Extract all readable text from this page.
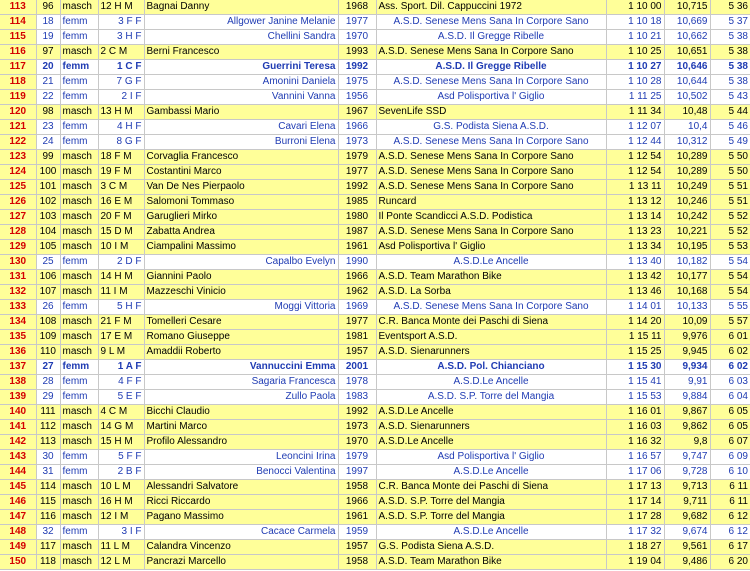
113	96	masch	12 H M	Bagnai Danny	1968	Ass. Sport. Dil. Cappuccini 1972	1 10 00	10,715	5 36
114	18	femm	3 F F	Allgower Janine Melanie	1977	A.S.D. Senese Mens Sana In Corpore Sano	1 10 18	10,669	5 37
115	19	femm	3 H F	Chellini Sandra	1970	A.S.D. Il Gregge Ribelle	1 10 21	10,662	5 38
116	97	masch	2 C M	Berni Francesco	1993	A.S.D. Senese Mens Sana In Corpore Sano	1 10 25	10,651	5 38
117	20	femm	1 C F	Guerrini Teresa	1992	A.S.D. Il Gregge Ribelle	1 10 27	10,646	5 38
118	21	femm	7 G F	Amonini Daniela	1975	A.S.D. Senese Mens Sana In Corpore Sano	1 10 28	10,644	5 38
119	22	femm	2 I F	Vannini Vanna	1956	Asd Polisportiva l' Giglio	1 11 25	10,502	5 43
120	98	masch	13 H M	Gambassi Mario	1967	SevenLife SSD	1 11 34	10,48	5 44
121	23	femm	4 H F	Cavari Elena	1966	G.S. Podista Siena A.S.D.	1 12 07	10,4	5 46
122	24	femm	8 G F	Burroni Elena	1973	A.S.D. Senese Mens Sana In Corpore Sano	1 12 44	10,312	5 49
123	99	masch	18 F M	Corvaglia Francesco	1979	A.S.D. Senese Mens Sana In Corpore Sano	1 12 54	10,289	5 50
124	100	masch	19 F M	Costantini Marco	1977	A.S.D. Senese Mens Sana In Corpore Sano	1 12 54	10,289	5 50
125	101	masch	3 C M	Van De Nes Pierpaolo	1992	A.S.D. Senese Mens Sana In Corpore Sano	1 13 11	10,249	5 51
126	102	masch	16 E M	Salomoni Tommaso	1985	Runcard	1 13 12	10,246	5 51
127	103	masch	20 F M	Garuglieri Mirko	1980	Il Ponte Scandicci A.S.D. Podistica	1 13 14	10,242	5 52
128	104	masch	15 D M	Zabatta Andrea	1987	A.S.D. Senese Mens Sana In Corpore Sano	1 13 23	10,221	5 52
129	105	masch	10 I M	Ciampalini Massimo	1961	Asd Polisportiva l' Giglio	1 13 34	10,195	5 53
130	25	femm	2 D F	Capalbo Evelyn	1990	A.S.D.Le Ancelle	1 13 40	10,182	5 54
131	106	masch	14 H M	Giannini Paolo	1966	A.S.D. Team Marathon Bike	1 13 42	10,177	5 54
132	107	masch	11 I M	Mazzeschi Vinicio	1962	A.S.D. La Sorba	1 13 46	10,168	5 54
133	26	femm	5 H F	Moggi Vittoria	1969	A.S.D. Senese Mens Sana In Corpore Sano	1 14 01	10,133	5 55
134	108	masch	21 F M	Tomelleri Cesare	1977	C.R. Banca Monte dei Paschi di Siena	1 14 20	10,09	5 57
135	109	masch	17 E M	Romano Giuseppe	1981	Eventsport A.S.D.	1 15 11	9,976	6 01
136	110	masch	9 L M	Amaddii Roberto	1957	A.S.D. Sienarunners	1 15 25	9,945	6 02
137	27	femm	1 A F	Vannuccini Emma	2001	A.S.D. Pol. Chianciano	1 15 30	9,934	6 02
138	28	femm	4 F F	Sagaria Francesca	1978	A.S.D.Le Ancelle	1 15 41	9,91	6 03
139	29	femm	5 E F	Zullo Paola	1983	A.S.D. S.P. Torre del Mangia	1 15 53	9,884	6 04
140	111	masch	4 C M	Bicchi Claudio	1992	A.S.D.Le Ancelle	1 16 01	9,867	6 05
141	112	masch	14 G M	Martini Marco	1973	A.S.D. Sienarunners	1 16 03	9,862	6 05
142	113	masch	15 H M	Profilo Alessandro	1970	A.S.D.Le Ancelle	1 16 32	9,8	6 07
143	30	femm	5 F F	Leoncini Irina	1979	Asd Polisportiva l' Giglio	1 16 57	9,747	6 09
144	31	femm	2 B F	Benocci Valentina	1997	A.S.D.Le Ancelle	1 17 06	9,728	6 10
145	114	masch	10 L M	Alessandri Salvatore	1958	C.R. Banca Monte dei Paschi di Siena	1 17 13	9,713	6 11
146	115	masch	16 H M	Ricci Riccardo	1966	A.S.D. S.P. Torre del Mangia	1 17 14	9,711	6 11
147	116	masch	12 I M	Pagano Massimo	1961	A.S.D. S.P. Torre del Mangia	1 17 28	9,682	6 12
148	32	femm	3 I F	Cacace Carmela	1959	A.S.D.Le Ancelle	1 17 32	9,674	6 12
149	117	masch	11 L M	Calandra Vincenzo	1957	G.S. Podista Siena A.S.D.	1 18 27	9,561	6 17
150	118	masch	12 L M	Pancrazi Marcello	1958	A.S.D. Team Marathon Bike	1 19 04	9,486	6 20
